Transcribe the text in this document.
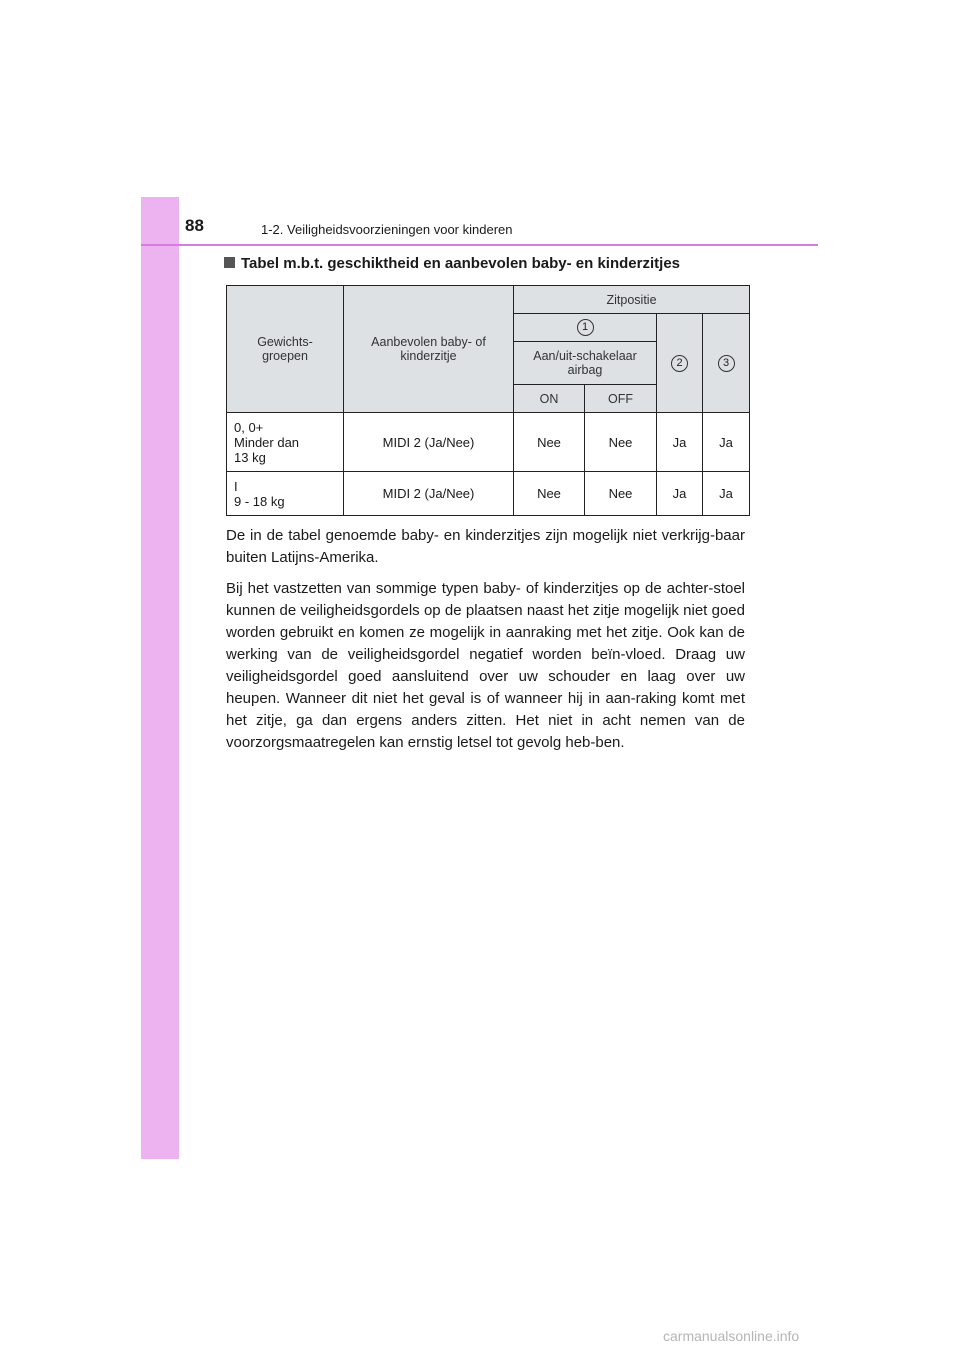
88	1-2. Veiligheidsvoorzieningen voor kinderen
Tabel m.b.t. geschiktheid en aanbevolen baby- en kinderzitjes
Gewichts- groepen	Aanbevolen baby- of kinderzitje	Zitpositie			
		1		2	3
		Aan/uit-schakelaar airbag			
		ON	OFF		
0, 0+
Minder dan
13 kg	MIDI 2 (Ja/Nee)	Nee	Nee	Ja	Ja
I
9 - 18 kg	MIDI 2 (Ja/Nee)	Nee	Nee	Ja	Ja

De in de tabel genoemde baby- en kinderzitjes zijn mogelijk niet verkrijg-baar buiten Latijns-Amerika.

Bij het vastzetten van sommige typen baby- of kinderzitjes op de achter-stoel kunnen de veiligheidsgordels op de plaatsen naast het zitje mogelijk niet goed worden gebruikt en komen ze mogelijk in aanraking met het zitje. Ook kan de werking van de veiligheidsgordel negatief worden beïn-vloed. Draag uw veiligheidsgordel goed aansluitend over uw schouder en laag over uw heupen. Wanneer dit niet het geval is of wanneer hij in aan-raking komt met het zitje, ga dan ergens anders zitten. Het niet in acht nemen van de voorzorgsmaatregelen kan ernstig letsel tot gevolg heb-ben.

carmanualsonline.info
